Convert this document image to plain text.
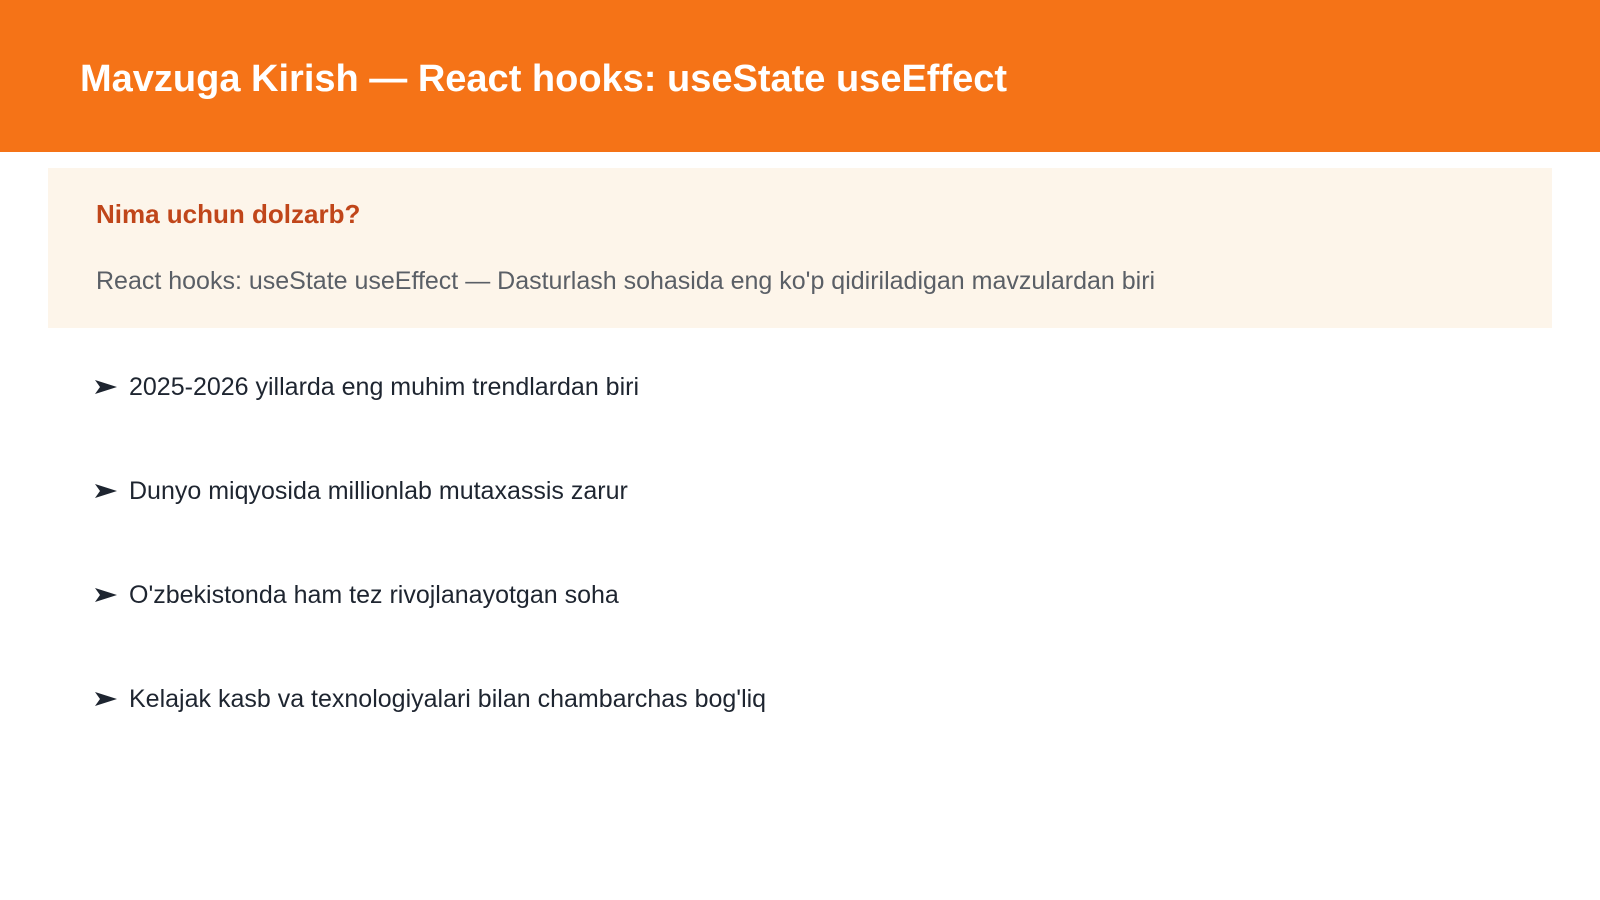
Mavzuga Kirish — React hooks: useState useEffect
Nima uchun dolzarb?
React hooks: useState useEffect — Dasturlash sohasida eng ko'p qidiriladigan mavzulardan biri
2025-2026 yillarda eng muhim trendlardan biri
Dunyo miqyosida millionlab mutaxassis zarur
O'zbekistonda ham tez rivojlanayotgan soha
Kelajak kasb va texnologiyalari bilan chambarchas bog'liq
